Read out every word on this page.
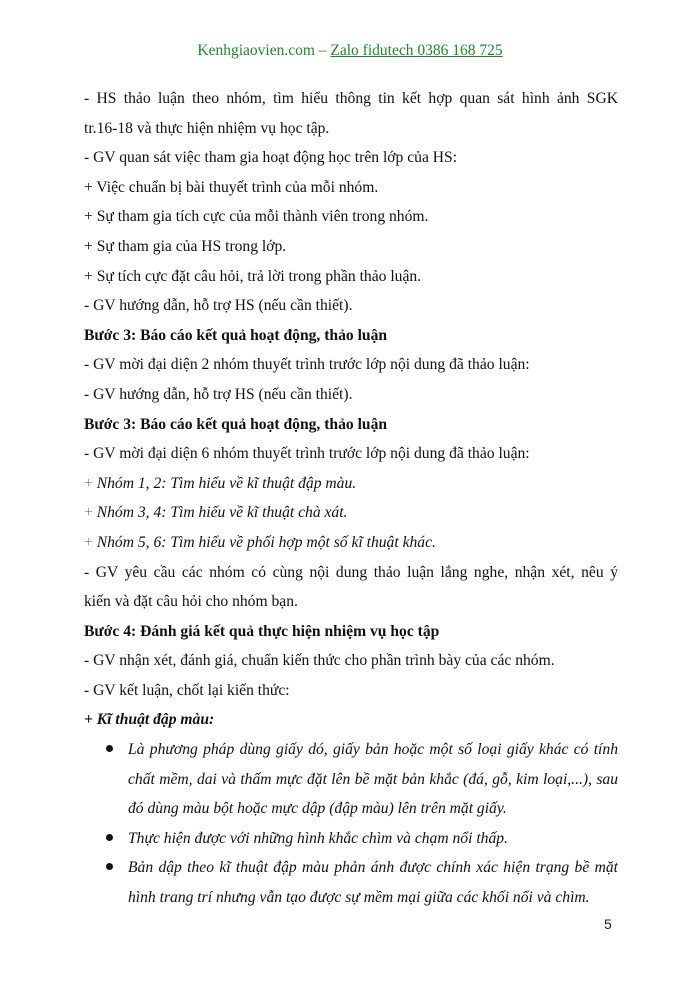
Kenhgiaovien.com – Zalo fidutech 0386 168 725
- HS thảo luận theo nhóm, tìm hiểu thông tin kết hợp quan sát hình ảnh SGK
tr.16-18 và thực hiện nhiệm vụ học tập.
- GV quan sát việc tham gia hoạt động học trên lớp của HS:
+ Việc chuẩn bị bài thuyết trình của mỗi nhóm.
+ Sự tham gia tích cực của mỗi thành viên trong nhóm.
+ Sự tham gia của HS trong lớp.
+ Sự tích cực đặt câu hỏi, trả lời trong phần thảo luận.
- GV hướng dẫn, hỗ trợ HS (nếu cần thiết).
Bước 3: Báo cáo kết quả hoạt động, thảo luận
- GV mời đại diện 2 nhóm thuyết trình trước lớp nội dung đã thảo luận:
- GV hướng dẫn, hỗ trợ HS (nếu cần thiết).
Bước 3: Báo cáo kết quả hoạt động, thảo luận
- GV mời đại diện 6 nhóm thuyết trình trước lớp nội dung đã thảo luận:
+ Nhóm 1, 2: Tìm hiểu về kĩ thuật đập màu.
+ Nhóm 3, 4: Tìm hiểu về kĩ thuật chà xát.
+ Nhóm 5, 6: Tìm hiểu về phối hợp một số kĩ thuật khác.
- GV yêu cầu các nhóm có cùng nội dung thảo luận lắng nghe, nhận xét, nêu ý
kiến và đặt câu hỏi cho nhóm bạn.
Bước 4: Đánh giá kết quả thực hiện nhiệm vụ học tập
- GV nhận xét, đánh giá, chuẩn kiến thức cho phần trình bày của các nhóm.
- GV kết luận, chốt lại kiến thức:
+ Kĩ thuật đập màu:
Là phương pháp dùng giấy dó, giấy bản hoặc một số loại giấy khác có tính chất mềm, dai và thấm mực đặt lên bề mặt bản khắc (đá, gỗ, kim loại,...), sau đó dùng màu bột hoặc mực dập (đập màu) lên trên mặt giấy.
Thực hiện được với những hình khắc chìm và chạm nổi thấp.
Bản dập theo kĩ thuật đập màu phản ánh được chính xác hiện trạng bề mặt hình trang trí nhưng vẫn tạo được sự mềm mại giữa các khối nổi và chìm.
5
